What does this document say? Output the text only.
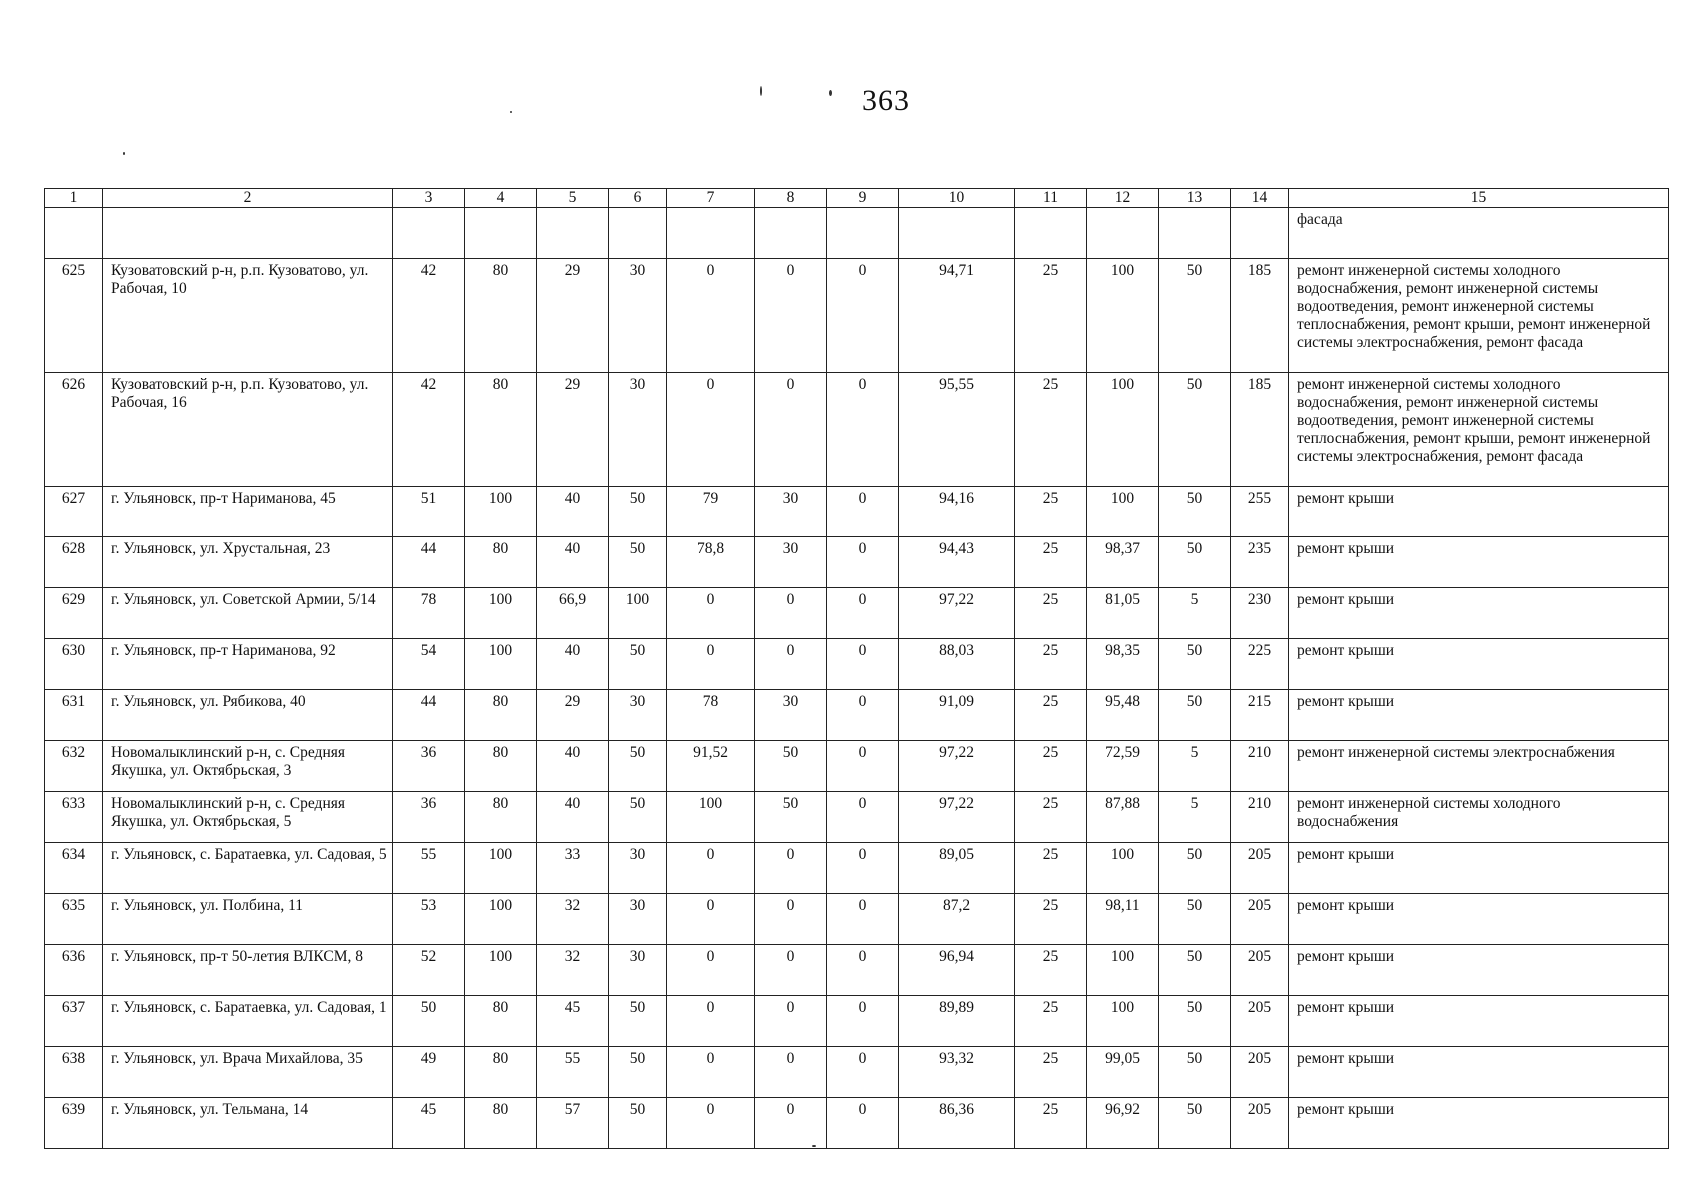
363
1	2	3	4	5	6	7	8	9	10	11	12	13	14	15
														фасада
625	Кузоватовский р-н, р.п. Кузоватово, ул. Рабочая, 10	42	80	29	30	0	0	0	94,71	25	100	50	185	ремонт инженерной системы холодного водоснабжения, ремонт инженерной системы водоотведения, ремонт инженерной системы теплоснабжения, ремонт крыши, ремонт инженерной системы электроснабжения, ремонт фасада
626	Кузоватовский р-н, р.п. Кузоватово, ул. Рабочая, 16	42	80	29	30	0	0	0	95,55	25	100	50	185	ремонт инженерной системы холодного водоснабжения, ремонт инженерной системы водоотведения, ремонт инженерной системы теплоснабжения, ремонт крыши, ремонт инженерной системы электроснабжения, ремонт фасада
627	г. Ульяновск, пр-т Нариманова, 45	51	100	40	50	79	30	0	94,16	25	100	50	255	ремонт крыши
628	г. Ульяновск, ул. Хрустальная, 23	44	80	40	50	78,8	30	0	94,43	25	98,37	50	235	ремонт крыши
629	г. Ульяновск, ул. Советской Армии, 5/14	78	100	66,9	100	0	0	0	97,22	25	81,05	5	230	ремонт крыши
630	г. Ульяновск, пр-т Нариманова, 92	54	100	40	50	0	0	0	88,03	25	98,35	50	225	ремонт крыши
631	г. Ульяновск, ул. Рябикова, 40	44	80	29	30	78	30	0	91,09	25	95,48	50	215	ремонт крыши
632	Новомалыклинский р-н, с. Средняя Якушка, ул. Октябрьская, 3	36	80	40	50	91,52	50	0	97,22	25	72,59	5	210	ремонт инженерной системы электроснабжения
633	Новомалыклинский р-н, с. Средняя Якушка, ул. Октябрьская, 5	36	80	40	50	100	50	0	97,22	25	87,88	5	210	ремонт инженерной системы холодного водоснабжения
634	г. Ульяновск, с. Баратаевка, ул. Садовая, 5	55	100	33	30	0	0	0	89,05	25	100	50	205	ремонт крыши
635	г. Ульяновск, ул. Полбина, 11	53	100	32	30	0	0	0	87,2	25	98,11	50	205	ремонт крыши
636	г. Ульяновск, пр-т 50-летия ВЛКСМ, 8	52	100	32	30	0	0	0	96,94	25	100	50	205	ремонт крыши
637	г. Ульяновск, с. Баратаевка, ул. Садовая, 1	50	80	45	50	0	0	0	89,89	25	100	50	205	ремонт крыши
638	г. Ульяновск, ул. Врача Михайлова, 35	49	80	55	50	0	0	0	93,32	25	99,05	50	205	ремонт крыши
639	г. Ульяновск, ул. Тельмана, 14	45	80	57	50	0	0	0	86,36	25	96,92	50	205	ремонт крыши
